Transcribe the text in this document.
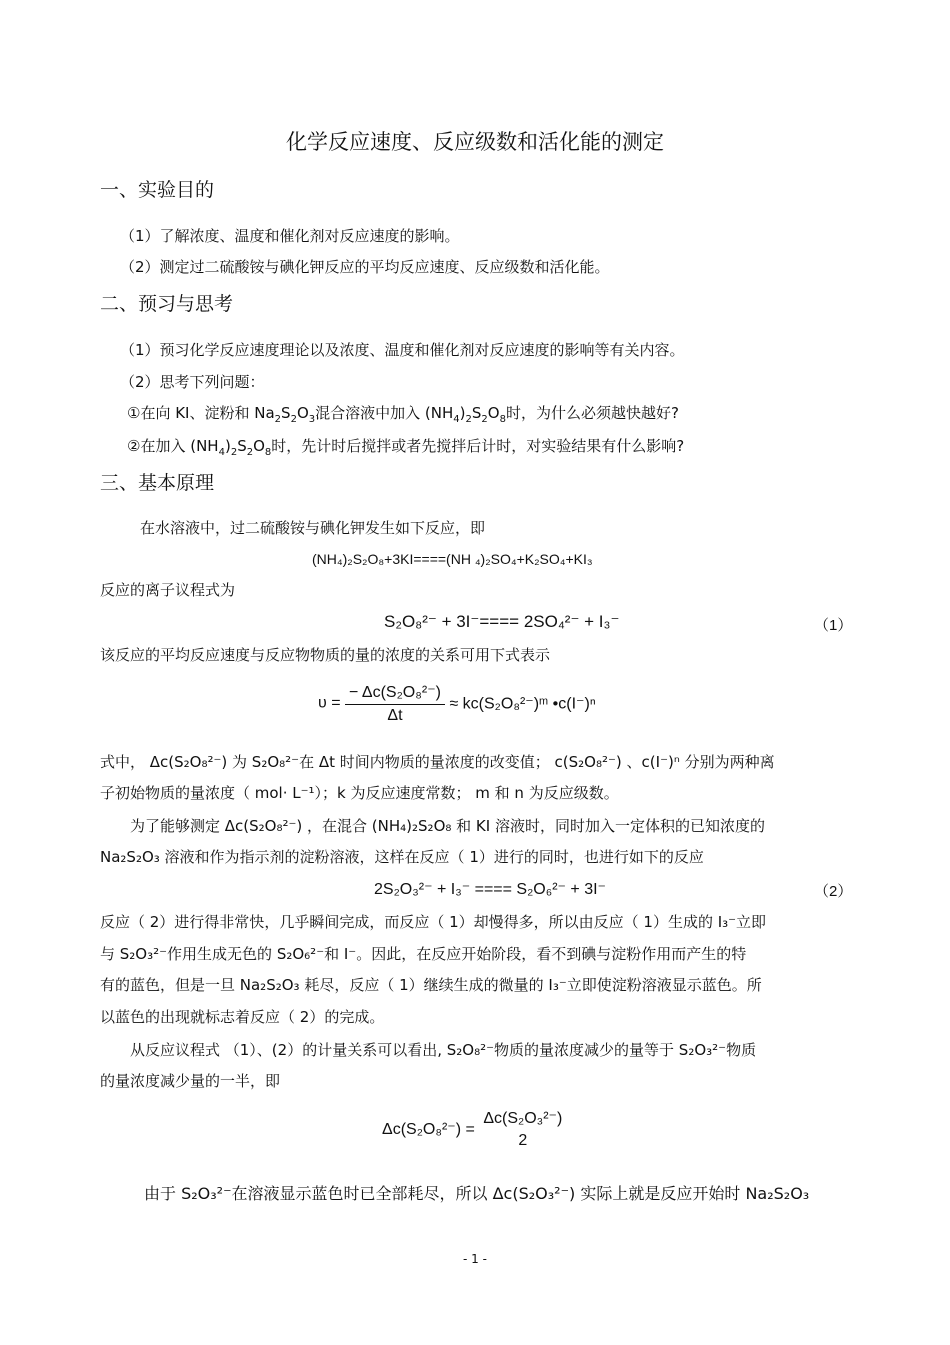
化学反应速度、反应级数和活化能的测定
一、实验目的
（1）了解浓度、温度和催化剂对反应速度的影响。
（2）测定过二硫酸铵与碘化钾反应的平均反应速度、反应级数和活化能。
二、预习与思考
（1）预习化学反应速度理论以及浓度、温度和催化剂对反应速度的影响等有关内容。
（2）思考下列问题：
①在向 KI、淀粉和 $Na_2S_2O_3$混合溶液中加入 $(NH_4)_2S_2O_8$时，为什么必须越快越好?
②在加入 $(NH_4)_2S_2O_8$时，先计时后搅拌或者先搅拌后计时，对实验结果有什么影响?
三、基本原理
在水溶液中，过二硫酸铵与碘化钾发生如下反应，即
(NH₄)₂S₂O₈+3KI====(NH ₄)₂SO₄+K₂SO₄+KI₃
反应的离子议程式为
S₂O₈²⁻ + 3I⁻==== 2SO₄²⁻ + I₃⁻	（1）
该反应的平均反应速度与反应物物质的量的浓度的关系可用下式表示
$\upsilon = \frac{\text{− Δc(S₂O₈²⁻)}}{\Delta t}$ ≈ kc(S₂O₈²⁻)ᵐ •c(I⁻)ⁿ
式中， Δc(S₂O₈²⁻) 为 S₂O₈²⁻在 Δt 时间内物质的量浓度的改变值； c(S₂O₈²⁻) 、c(I⁻)ⁿ 分别为两种离
子初始物质的量浓度（ mol· L⁻¹）；k 为反应速度常数； m 和 n 为反应级数。
为了能够测定 Δc(S₂O₈²⁻) ，在混合 (NH₄)₂S₂O₈ 和 KI 溶液时，同时加入一定体积的已知浓度的
Na₂S₂O₃ 溶液和作为指示剂的淀粉溶液，这样在反应（ 1）进行的同时，也进行如下的反应
2S₂O₃²⁻ + I₃⁻ ==== S₂O₆²⁻ + 3I⁻	（2）
反应（ 2）进行得非常快，几乎瞬间完成，而反应（ 1）却慢得多，所以由反应（ 1）生成的 I₃⁻立即
与 S₂O₃²⁻作用生成无色的 S₂O₆²⁻和 I⁻。因此，在反应开始阶段，看不到碘与淀粉作用而产生的特
有的蓝色，但是一旦 Na₂S₂O₃ 耗尽，反应（ 1）继续生成的微量的 I₃⁻立即使淀粉溶液显示蓝色。所
以蓝色的出现就标志着反应（ 2）的完成。
从反应议程式 （1）、(2）的计量关系可以看出, S₂O₈²⁻物质的量浓度减少的量等于 S₂O₃²⁻物质
的量浓度减少量的一半，即
Δc(S₂O₈²⁻) =
Δc(S₂O₃²⁻)
2
由于 S₂O₃²⁻在溶液显示蓝色时已全部耗尽，所以 Δc(S₂O₃²⁻) 实际上就是反应开始时 Na₂S₂O₃
- 1 -
